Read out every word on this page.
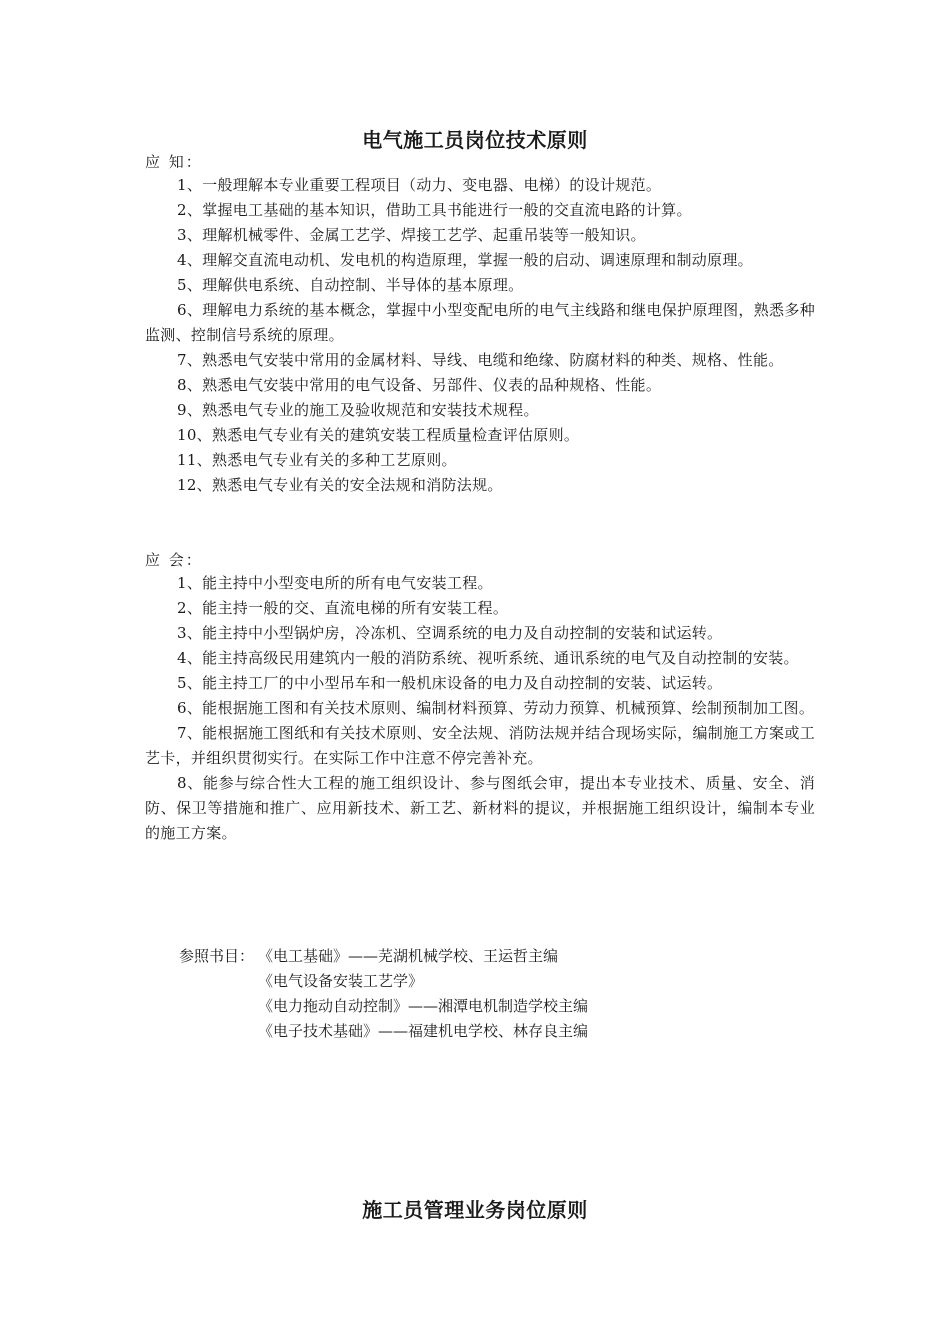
电气施工员岗位技术原则
应 知：
1、一般理解本专业重要工程项目（动力、变电器、电梯）的设计规范。
2、掌握电工基础的基本知识，借助工具书能进行一般的交直流电路的计算。
3、理解机械零件、金属工艺学、焊接工艺学、起重吊装等一般知识。
4、理解交直流电动机、发电机的构造原理，掌握一般的启动、调速原理和制动原理。
5、理解供电系统、自动控制、半导体的基本原理。
6、理解电力系统的基本概念，掌握中小型变配电所的电气主线路和继电保护原理图，熟悉多种监测、控制信号系统的原理。
7、熟悉电气安装中常用的金属材料、导线、电缆和绝缘、防腐材料的种类、规格、性能。
8、熟悉电气安装中常用的电气设备、另部件、仪表的品种规格、性能。
9、熟悉电气专业的施工及验收规范和安装技术规程。
10、熟悉电气专业有关的建筑安装工程质量检查评估原则。
11、熟悉电气专业有关的多种工艺原则。
12、熟悉电气专业有关的安全法规和消防法规。
应 会：
1、能主持中小型变电所的所有电气安装工程。
2、能主持一般的交、直流电梯的所有安装工程。
3、能主持中小型锅炉房，冷冻机、空调系统的电力及自动控制的安装和试运转。
4、能主持高级民用建筑内一般的消防系统、视听系统、通讯系统的电气及自动控制的安装。
5、能主持工厂的中小型吊车和一般机床设备的电力及自动控制的安装、试运转。
6、能根据施工图和有关技术原则、编制材料预算、劳动力预算、机械预算、绘制预制加工图。
7、能根据施工图纸和有关技术原则、安全法规、消防法规并结合现场实际，编制施工方案或工艺卡，并组织贯彻实行。在实际工作中注意不停完善补充。
8、能参与综合性大工程的施工组织设计、参与图纸会审，提出本专业技术、质量、安全、消防、保卫等措施和推广、应用新技术、新工艺、新材料的提议，并根据施工组织设计，编制本专业的施工方案。
参照书目： 《电工基础》——芜湖机械学校、王运哲主编
《电气设备安装工艺学》
《电力拖动自动控制》——湘潭电机制造学校主编
《电子技术基础》——福建机电学校、林存良主编
施工员管理业务岗位原则
